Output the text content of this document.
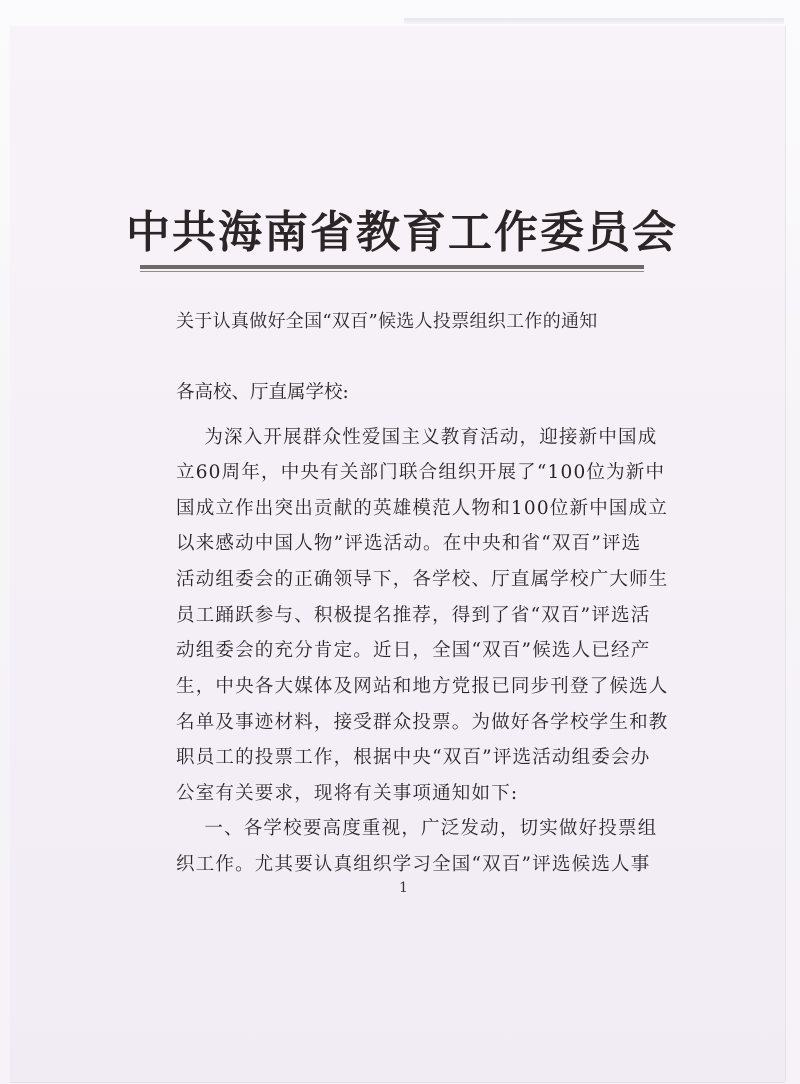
中共海南省教育工作委员会
关于认真做好全国“双百”候选人投票组织工作的通知
各高校、厅直属学校:
为深入开展群众性爱国主义教育活动，迎接新中国成
立60周年，中央有关部门联合组织开展了“100位为新中
国成立作出突出贡献的英雄模范人物和100位新中国成立
以来感动中国人物”评选活动。在中央和省“双百”评选
活动组委会的正确领导下，各学校、厅直属学校广大师生
员工踊跃参与、积极提名推荐，得到了省“双百”评选活
动组委会的充分肯定。近日，全国“双百”候选人已经产
生，中央各大媒体及网站和地方党报已同步刊登了候选人
名单及事迹材料，接受群众投票。为做好各学校学生和教
职员工的投票工作，根据中央“双百”评选活动组委会办
公室有关要求，现将有关事项通知如下:
一、各学校要高度重视，广泛发动，切实做好投票组
织工作。尤其要认真组织学习全国“双百”评选候选人事
1
